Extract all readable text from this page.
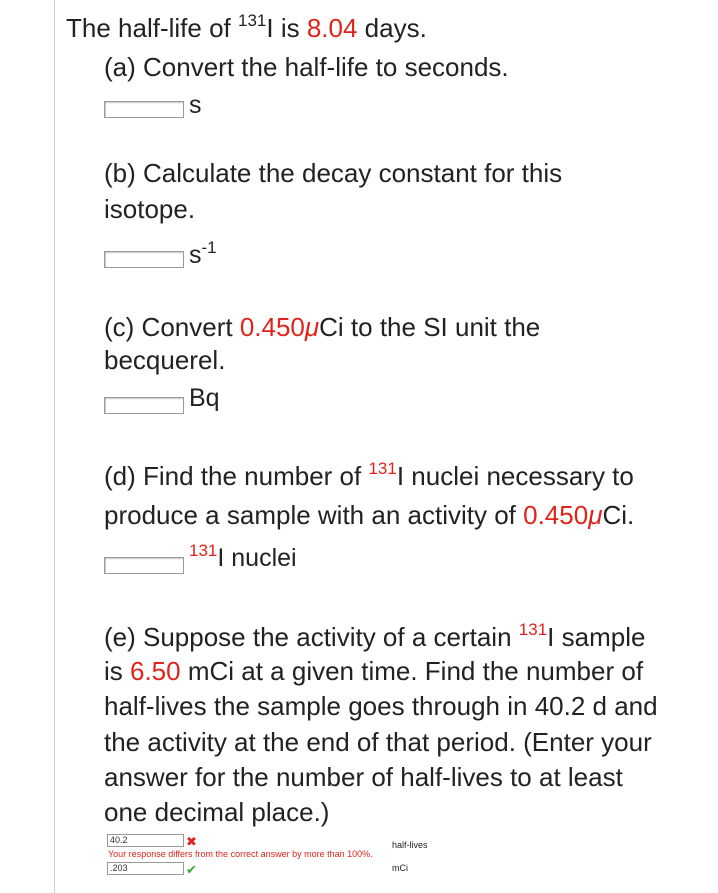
The half-life of $^{131}$I is 8.04 days.
(a) Convert the half-life to seconds.
s
(b) Calculate the decay constant for this
isotope.
$s^{-1}$
(c) Convert 0.450μCi to the SI unit the
becquerel.
Bq
(d) Find the number of $^{131}$I nuclei necessary to
produce a sample with an activity of 0.450μCi.
$^{131}$I nuclei
(e) Suppose the activity of a certain $^{131}$I sample
is 6.50 mCi at a given time. Find the number of
half-lives the sample goes through in 40.2 d and
the activity at the end of that period. (Enter your
answer for the number of half-lives to at least
one decimal place.)
40.2	✖	half-lives
Your response differs from the correct answer by more than 100%.
.203	✔	mCi
